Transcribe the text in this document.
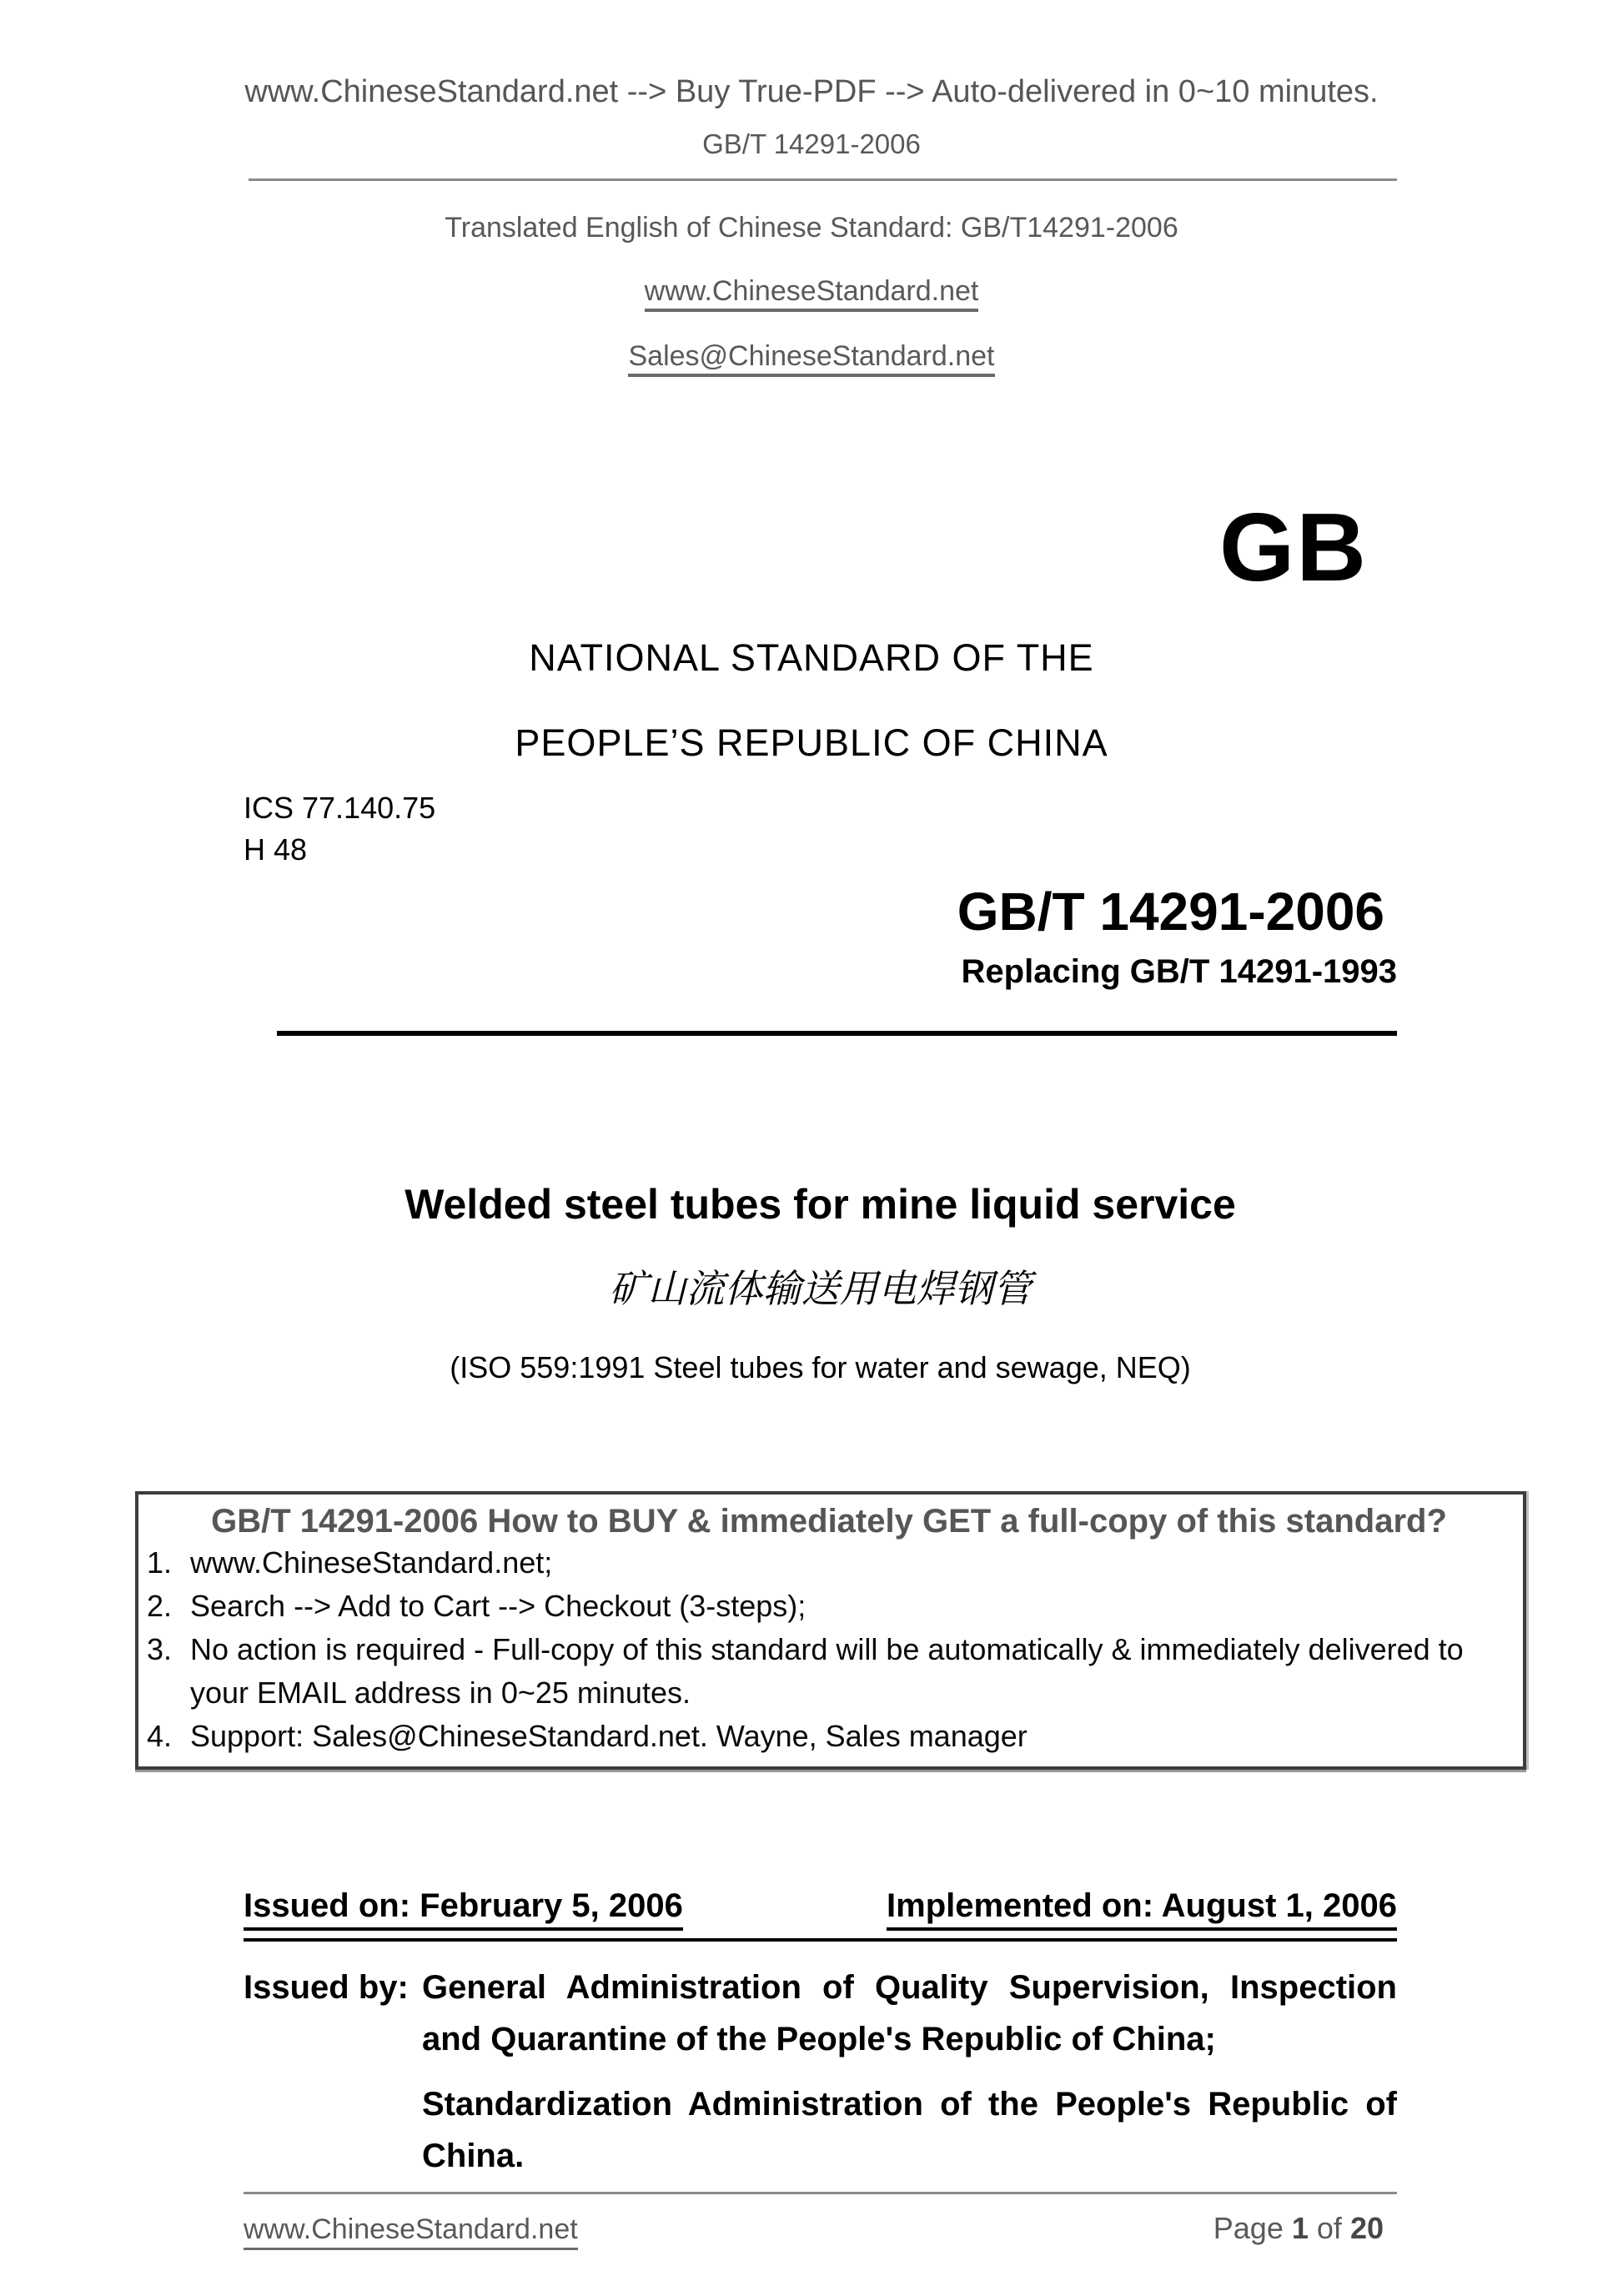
www.ChineseStandard.net --> Buy True-PDF --> Auto-delivered in 0~10 minutes.
GB/T 14291-2006
Translated English of Chinese Standard: GB/T14291-2006
www.ChineseStandard.net
Sales@ChineseStandard.net
GB
NATIONAL STANDARD OF THE
PEOPLE’S REPUBLIC OF CHINA
ICS 77.140.75
H 48
GB/T 14291-2006
Replacing GB/T 14291-1993
Welded steel tubes for mine liquid service
矿山流体输送用电焊钢管
(ISO 559:1991 Steel tubes for water and sewage, NEQ)
GB/T 14291-2006 How to BUY & immediately GET a full-copy of this standard?
1. www.ChineseStandard.net;
2. Search --> Add to Cart --> Checkout (3-steps);
3. No action is required - Full-copy of this standard will be automatically & immediately delivered to your EMAIL address in 0~25 minutes.
4. Support: Sales@ChineseStandard.net. Wayne, Sales manager
Issued on: February 5, 2006	Implemented on: August 1, 2006
Issued by: General Administration of Quality Supervision, Inspection and Quarantine of the People's Republic of China;

Standardization Administration of the People's Republic of China.

www.ChineseStandard.net	Page 1 of 20
